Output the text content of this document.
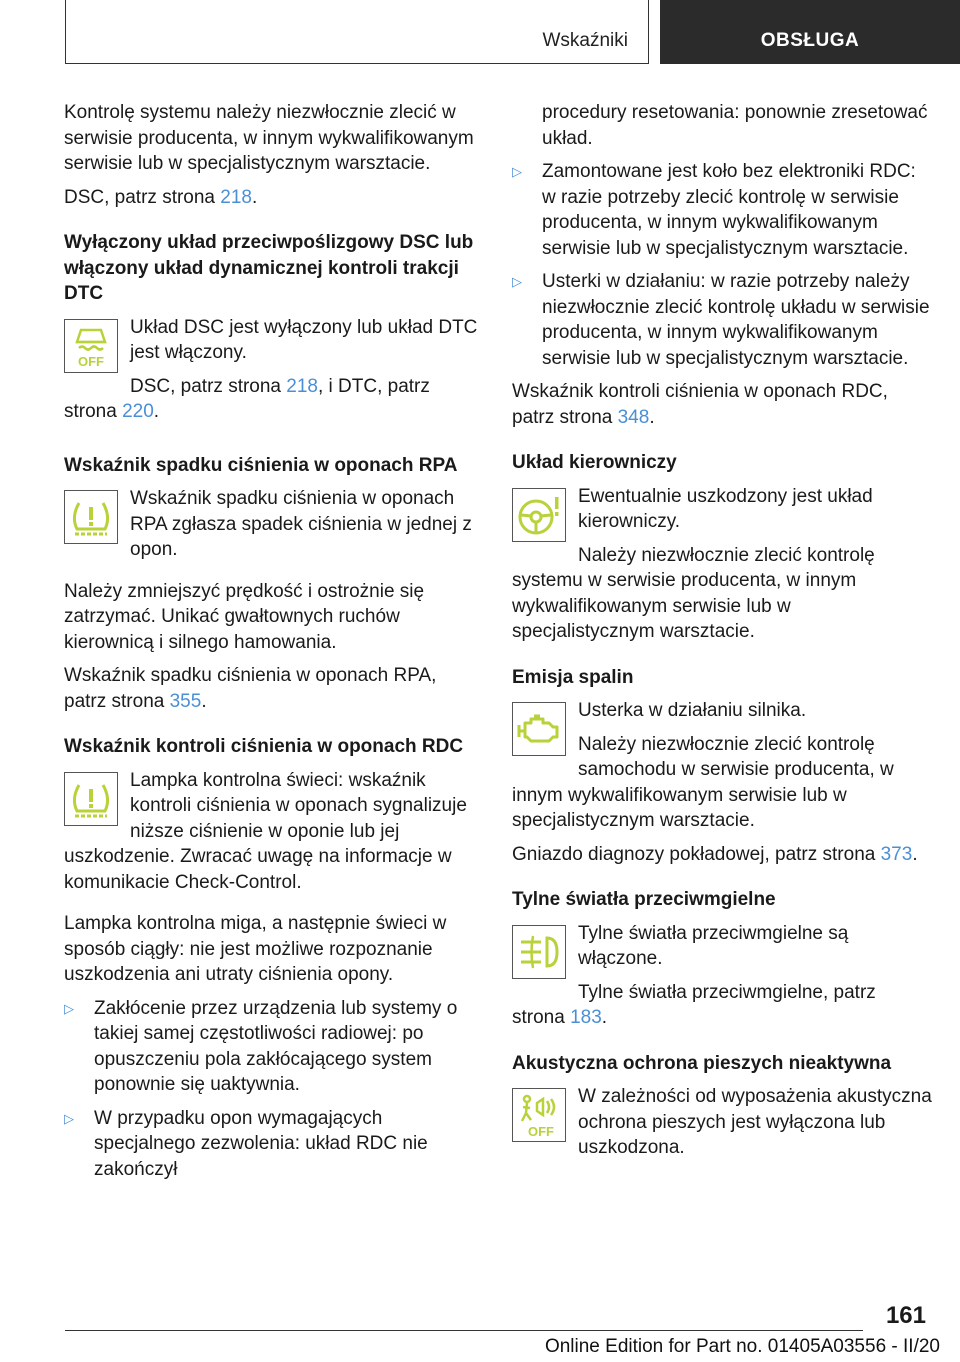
Wskaźniki	OBSŁUGA

Kontrolę systemu należy niezwłocznie zlecić w serwisie producenta, w innym wykwalifikowanym serwisie lub w specjalistycznym warsztacie.

DSC, patrz strona 218.

Wyłączony układ przeciwpoślizgowy DSC lub włączony układ dynamicznej kontroli trakcji DTC
OFF

Układ DSC jest wyłączony lub układ DTC jest włączony.

DSC, patrz strona 218, i DTC, patrz strona 220.

Wskaźnik spadku ciśnienia w oponach RPA

Wskaźnik spadku ciśnienia w oponach RPA zgłasza spadek ciśnienia w jednej z opon.

Należy zmniejszyć prędkość i ostrożnie się zatrzymać. Unikać gwałtownych ruchów kierownicą i silnego hamowania.

Wskaźnik spadku ciśnienia w oponach RPA, patrz strona 355.

Wskaźnik kontroli ciśnienia w oponach RDC

Lampka kontrolna świeci: wskaźnik kontroli ciśnienia w oponach sygnalizuje niższe ciśnienie w oponie lub jej uszkodzenie. Zwracać uwagę na informacje w komunikacie Check-Control.

Lampka kontrolna miga, a następnie świeci w sposób ciągły: nie jest możliwe rozpoznanie uszkodzenia ani utraty ciśnienia opony.

▷ Zakłócenie przez urządzenia lub systemy o takiej samej częstotliwości radiowej: po opuszczeniu pola zakłócającego system ponownie się uaktywnia.
▷ W przypadku opon wymagających specjalnego zezwolenia: układ RDC nie zakończył
procedury resetowania: ponownie zresetować układ.
▷ Zamontowane jest koło bez elektroniki RDC: w razie potrzeby zlecić kontrolę w serwisie producenta, w innym wykwalifikowanym serwisie lub w specjalistycznym warsztacie.
▷ Usterki w działaniu: w razie potrzeby należy niezwłocznie zlecić kontrolę układu w serwisie producenta, w innym wykwalifikowanym serwisie lub w specjalistycznym warsztacie.

Wskaźnik kontroli ciśnienia w oponach RDC, patrz strona 348.

Układ kierowniczy

Ewentualnie uszkodzony jest układ kierowniczy.

Należy niezwłocznie zlecić kontrolę systemu w serwisie producenta, w innym wykwalifikowanym serwisie lub w specjalistycznym warsztacie.

Emisja spalin

Usterka w działaniu silnika.

Należy niezwłocznie zlecić kontrolę samochodu w serwisie producenta, w innym wykwalifikowanym serwisie lub w specjalistycznym warsztacie.

Gniazdo diagnozy pokładowej, patrz strona 373.

Tylne światła przeciwmgielne

Tylne światła przeciwmgielne są włączone.

Tylne światła przeciwmgielne, patrz strona 183.

Akustyczna ochrona pieszych nieaktywna
OFF

W zależności od wyposażenia akustyczna ochrona pieszych jest wyłączona lub uszkodzona.

161
Online Edition for Part no. 01405A03556 - II/20
